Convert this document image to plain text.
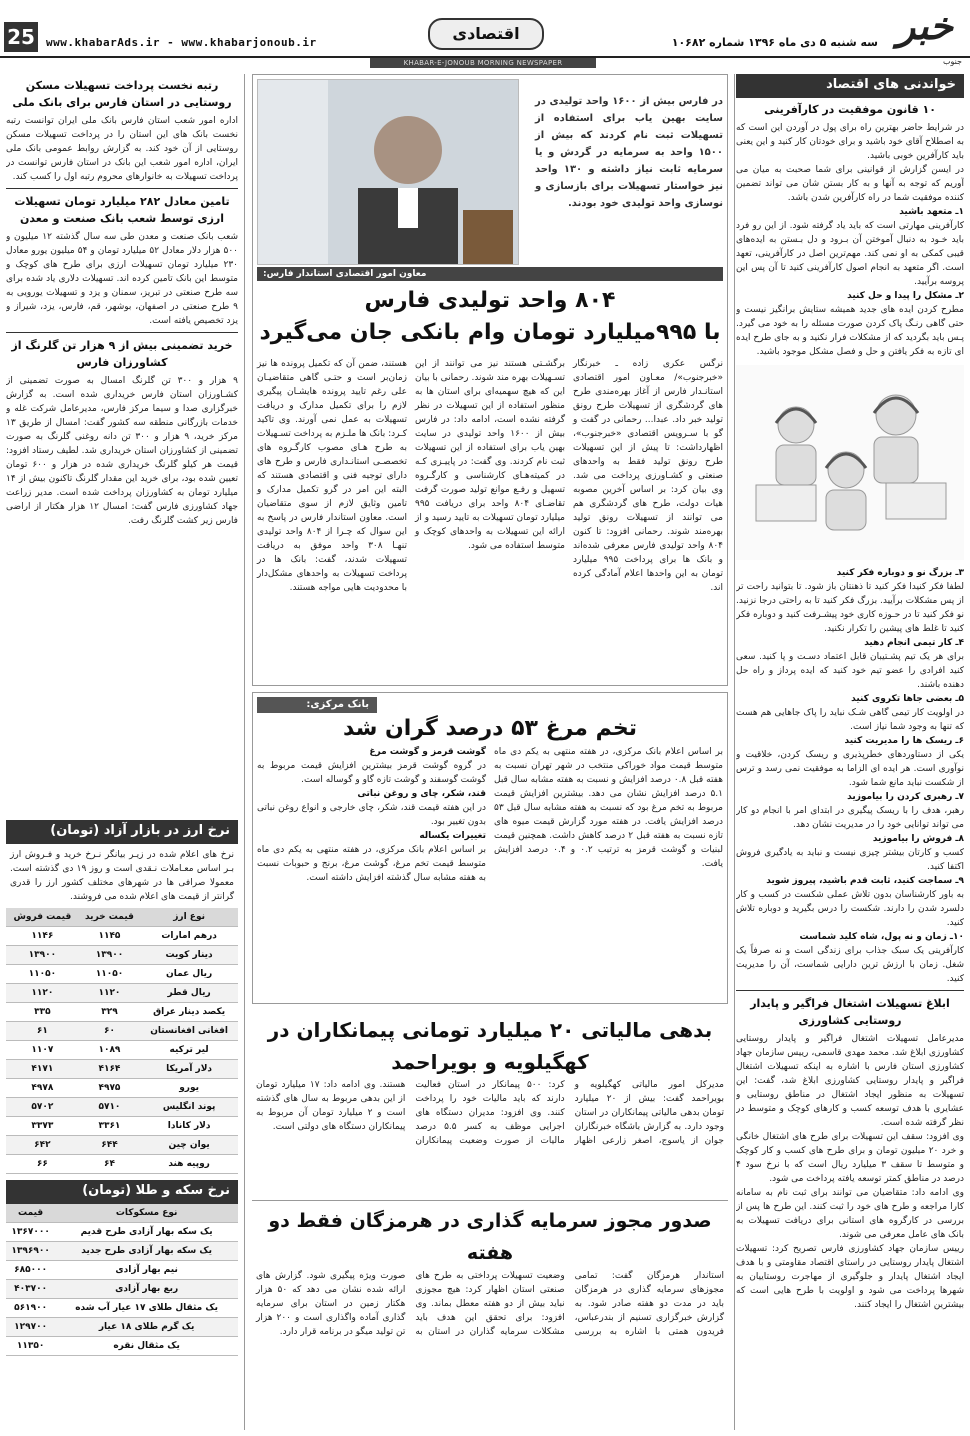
خبر
جنوب
سه شنبه ۵ دی ماه ۱۳۹۶ شماره ۱۰۶۸۲
اقتصادی
www.khabarAds.ir - www.khabarjonoub.ir
25
KHABAR-E-JONOUB MORNING NEWSPAPER
خواندنی های اقتصاد
۱۰ قانون موفقیت در کارآفرینی

در شرایط حاضر بهترین راه برای پول در آوردن این است که به اصطلاح آقای خود باشید و برای خودتان کار کنید و این یعنی باید کارآفرین خوبی باشید.

در ایسن گزارش از قوانینی برای شما صحبت به میان می آوریم که توجه به آنها و به کار بستن شان می تواند تضمین کننده موفقیت شما در راه کارآفرین شدن باشد.

۱ـ متعهد باشید

کارآفرینی مهارتی است که باید یاد گرفته شود. از این رو فرد باید خـود به دنبال آموختن آن بـرود و دل بـستن به ایده‌های قیبی کمکی به او نمی کند. مهم‌ترین اصل در کارآفرینی، تعهد است. اگر متعهد به انجام اصول کارآفرینی کنید تا آن پس این پروسه برآیید.

۲ـ مشکل را پیدا و حل کنید

مطرح کردن ایده های جدید همیشه ستایش برانگیز نیست و حتی گاهی رنـگ پاک کردن صورت مسئله را به خود می گیرد. پـس باید بگردید که از مشکلات فرار نکنید و به جای طرح ایده ای تازه به فکر یافتن و حل و فصل مشکل موجود باشید.

۳ـ بزرگ نو و دوباره فکر کنید

لطفا فکر کنیدا فکر کنید تا ذهنتان باز شود. تا بتوانید راحت تر از پس مشکلات برآیید. بزرگ فکر کنید تا به راحتی درجا نزنید. نو فکر کنید تا در حـوزه کاری خود پیشـرفت کنید و دوباره فکر کنید تا غلط های پیشین را تکرار نکنید.

۴ـ کار تیمی انجام دهید

برای هر یک تیم پشـتیبان قابل اعتماد دسـت و پا کنید. سعی کنید افرادی را عضو تیم خود کنید که ایده پرداز و راه حل دهنده باشند.

۵ـ بعضی جاها تکروی کنید

در اولویت کار تیمی گاهی شـک نباید را پاک جاهایی هم هست که تنها به وجود شما نیاز است.

۶ـ ریسک ها را مدیریت کنید

یکی از دستاوردهای خطرپذیری و ریسک کردن، خلاقیت و نوآوری است. هر ایده ای الزاما به موفقیت نمی رسد و ترس از شکست نباید مانع شما شود.

۷ـ رهبری کردن را بیاموزید

رهبر، هدف را با ریسک پیگیری در ابتدای امر با انجام دو کار می تواند توانایی خود را در مدیریت نشان دهد.

۸ـ فروش را بیاموزید

کسب و کارتان بیشتر چیزی نیست و نباید به یادگیری فروش اکتفا کنید.

۹ـ سماجت کنید، ثابت قدم باشید، پیروز شوید

به باور کارشناسان بدون تلاش عملی شکست در کسب و کار دلسرد شدن را دارند. شکست را درس بگیرید و دوباره تلاش کنید.

۱۰ـ زمان و نه پول، شاه کلید شماست

کارآفرینی یک سبک جذاب برای زندگی است و نه صرفاً یک شغل. زمان با ارزش ترین دارایی شماست، آن را مدیریت کنید.

ابلاغ تسهیلات اشتغال فراگیر و پایدار روستایی کشاورزی

مدیرعامل تسهیلات اشتغال فراگیر و پایدار روستایی کشاورزی ابلاغ شد. محمد مهدی قاسمی، رییس سازمان جهاد کشاورزی استان فارس با اشاره به اینکه تسهیلات اشتغال فراگیر و پایدار روستایی کشاورزی ابلاغ شد، گفت: این تسهیلات به منظور ایجاد اشتغال در مناطق روستایی و عشایری با هدف توسعه کسب و کارهای کوچک و متوسط در نظر گرفته شده است.

وی افزود: سقف این تسهیلات برای طرح های اشتغال خانگی و خرد ۲۰ میلیون تومان و برای طرح های کسب و کار کوچک و متوسط تا سقف ۳ میلیارد ریال است که با نرخ سود ۴ درصد در مناطق کمتر توسعه یافته پرداخت می شود.

وی ادامه داد: متقاضیان می توانند برای ثبت نام به سامانه کارا مراجعه و طرح های خود را ثبت کنند. این طرح ها پس از بررسی در کارگروه های استانی برای دریافت تسهیلات به بانک های عامل معرفی می شوند.

رییس سازمان جهاد کشاورزی فارس تصریح کرد: تسهیلات اشتغال پایدار روستایی در راستای اقتصاد مقاومتی و با هدف ایجاد اشتغال پایدار و جلوگیری از مهاجرت روستاییان به شهرها پرداخت می شود و اولویت با طرح هایی است که بیشترین اشتغال را ایجاد کنند.

در فارس بیش از ۱۶۰۰ واحد تولیدی در سایت بهین یاب برای استفاده از تسهیلات ثبت نام کردند که بیش از ۱۵۰۰ واحد به سرمایه در گردش و یا سرمایه ثابت نیاز داشته و ۱۳۰ واحد نیز خواستار تسهیلات برای بازسازی و نوسازی واحد تولیدی خود بودند.

معاون امور اقتصادی استاندار فارس:
۸۰۴ واحد تولیدی فارس
با ۹۹۵میلیارد تومان وام بانکی جان می‌گیرد

نرگس عکری زاده ـ خبرنگار «خبرجنوب»/ معـاون امور اقتصادی استانـدار فارس از آغاز بهره‌مندی طرح های گردشگری از تسهیلات طرح رونق تولید خبر داد. عبدا... رحمانی در گفت و گو با سـرویس اقتصادی «خبرجنوب»، اظهارداشت: تا پیش از این تسهیلات طرح رونق تولید فقط به واحدهای صنعتی و کشـاورزی پرداخت می شد. وی بیان کرد: بر اساس آخرین مصوبه هیات دولت، طرح های گردشگری هم می توانند از تسهیلات رونق تولید بهره‌مند شوند. رحمانی افزود: تا کنون ۸۰۴ واحد تولیدی فارس معرفی شده‌اند و بانک ها برای پرداخت ۹۹۵ میلیارد تومان به این واحدها اعلام آمادگی کرده اند.

برگشـتی هستند نیز می توانند از این تسـهیلات بهره مند شوند. رحمانی با بیان این که هیچ سهمیه‌ای برای استان ها به منظور استفاده از این تسهیلات در نظر گرفته نشده است، ادامه داد: در فارس بیش از ۱۶۰۰ واحد تولیدی در سایت بهین یاب برای استفاده از این تسهیلات ثبت نام کردند. وی گفت: در پاییـزی کـه در کمیته‌هـای کارشناسی و کارگـروه تسهیل و رفـع موانع تولید صورت گرفت تقاضـای ۸۰۴ واحد برای دریافت ۹۹۵ میلیارد تومان تسهیلات به تایید رسید و از ارائه این تسهیلات به واحدهای کوچک و متوسط استفاده می شود.

هستند، ضمن آن که تکمیل پرونده ها نیز زمان‌بر است و حتـی گاهی متقاضیـان علی رغم تایید پرونده هایشـان پیگیری لازم را برای تکمیل مدارک و دریافت تسهیلات به عمل نمی آورند. وی تاکید کـرد: بانک ها ملـزم به پرداخت تسـهیلات به طرح هـای مصوب کارگـروه های تخصصـی استانـداری فارس و طرح های دارای توجیه فنی و اقتصادی هستند که البته این امر در گرو تکمیل مدارک و تامین وثایق لازم از سوی متقاضیان است. معاون استاندار فارس در پاسخ به این سوال که چـرا از ۸۰۴ واحد تولیدی تنهـا ۳۰۸ واحد موفق به دریافت تسهیلات شدند، گفت: بانک ها در پرداخت تسهیلات به واحدهای مشکل‌دار با محدودیت هایی مواجه هستند.

بانک مرکزی:
تخم مرغ ۵۳ درصد گران شد

بر اساس اعلام بانک مرکزی، در هفته منتهی به یکم دی ماه متوسط قیمت مواد خوراکی منتخب در شهر تهران نسبت به هفته قبل ۰.۸ درصد افزایش و نسبت به هفته مشابه سال قبل ۵.۱ درصد افزایش نشان می دهد. بیشترین افزایش قیمت مربوط به تخم مرغ بود که نسبت به هفته مشابه سال قبل ۵۳ درصد افزایش یافت. در هفته مورد گزارش قیمت میوه های تازه نسبت به هفته قبل ۲ درصد کاهش داشت. همچنین قیمت لبنیات و گوشت قرمز به ترتیب ۰.۲ و ۰.۴ درصد افزایش یافت.

گوشت قرمز و گوشت مرغ

در گروه گوشت قرمز بیشترین افزایش قیمت مربوط به گوشت گوسفند و گوشت تازه گاو و گوساله است.

قند، شکر، چای و روغن نباتی

در این هفته قیمت قند، شکر، چای خارجی و انواع روغن نباتی بدون تغییر بود.

تغییرات یکساله

بر اساس اعلام بانک مرکزی، در هفته منتهی به یکم دی ماه متوسط قیمت تخم مرغ، گوشت مرغ، برنج و حبوبات نسبت به هفته مشابه سال گذشته افزایش داشته است.

بدهی مالیاتی ۲۰ میلیارد تومانی پیمانکاران در کهگیلویه و بویراحمد

مدیرکل امور مالیاتی کهگیلویه و بویراحمد گفت: بیش از ۲۰ میلیارد تومان بدهی مالیاتی پیمانکاران در استان وجود دارد. به گزارش باشگاه خبرنگاران جوان از یاسوج، اصغر زارعی اظهار کرد: ۵۰۰ پیمانکار در استان فعالیت دارند که باید مالیات خود را پرداخت کنند. وی افزود: مدیران دستگاه های اجرایی موظف به کسر ۵.۵ درصد مالیات از صورت وضعیت پیمانکاران هستند. وی ادامه داد: ۱۷ میلیارد تومان از این بدهی مربوط به سال های گذشته است و ۲ میلیارد تومان آن مربوط به پیمانکاران دستگاه های دولتی است.

صدور مجوز سرمایه گذاری در هرمزگان فقط دو هفته

استاندار هرمزگان گفت: تمامی مجوزهای سرمایه گذاری در هرمزگان باید در مدت دو هفته صادر شود. به گزارش خبرگزاری تسنیم از بندرعباس، فریدون همتی با اشاره به بررسی وضعیت تسهیلات پرداختی به طرح های صنعتی استان اظهار کرد: هیچ مجوزی نباید بیش از دو هفته معطل بماند. وی افزود: برای تحقق این هدف باید مشکلات سرمایه گذاران در استان به صورت ویژه پیگیری شود. گزارش های ارائه شده نشان می دهد که ۵۰ هزار هکتار زمین در استان برای سرمایه گذاری آماده واگذاری است و ۲۰۰ هزار تن تولید میگو در برنامه قرار دارد.

رتبه نخست پرداخت تسهیلات مسکن روستایی در استان فارس برای بانک ملی

اداره امور شعب استان فارس بانک ملی ایران توانست رتبه نخست بانک های این استان را در پرداخت تسهیلات مسکن روستایی از آن خود کند. به گزارش روابط عمومی بانک ملی ایران، اداره امور شعب این بانک در استان فارس توانست در پرداخت تسهیلات به خانوارهای محروم رتبه اول را کسب کند.

تامین معادل ۲۸۲ میلیارد تومان تسهیلات ارزی توسط شعب بانک صنعت و معدن

شعب بانک صنعت و معدن طی سه سال گذشته ۱۲ میلیون و ۵۰۰ هزار دلار معادل ۵۲ میلیارد تومان و ۵۴ میلیون یورو معادل ۲۳۰ میلیارد تومان تسهیلات ارزی برای طرح های کوچک و متوسط این بانک تامین کرده اند. تسهیلات دلاری یاد شده برای سه طرح صنعتی در تبریز، سمنان و یزد و تسهیلات یورویی به ۹ طرح صنعتی در اصفهان، بوشهر، قم، فارس، یزد، شیراز و یزد تخصیص یافته است.

خرید تضمینی بیش از ۹ هزار تن گلرنگ از کشاورزان فارس

۹ هزار و ۳۰۰ تن گلرنگ امسال به صورت تضمینی از کشـاورزان استان فارس خریداری شده است. به گزارش خبرگزاری صدا و سیما مرکز فارس، مدیرعامل شرکت غله و خدمات بازرگانی منطقه سه کشور گفت: امسال از طریق ۱۳ مرکز خرید، ۹ هزار و ۳۰۰ تن دانه روغنی گلرنگ به صورت تضمینی از کشاورزان استان خریداری شد. لطیف رستاد افزود: قیمت هر کیلو گلرنگ خریداری شده در هزار و ۶۰۰ تومان تعیین شده بود، برای خرید این مقدار گلرنگ تاکنون بیش از ۱۴ میلیارد تومان به کشاورزان پرداخت شده است. مدیر زراعت جهاد کشاورزی فارس گفت: امسال ۱۲ هزار هکتار از اراضی فارس زیر کشت گلرنگ رفت.

نرخ ارز در بازار آزاد (تومان)

نرخ های اعلام شده در زیـر بیانگر نـرخ خرید و فـروش ارز بـر اساس معـاملات نـقدی است و روز ۱۹ دی گذشته است. معمولا صرافی ها در شهرهای مختلف کشور ارز را قدری گرانتر از قیمت های اعلام شده می فروشند.

نوع ارز	قیمت خرید	قیمت فروش
درهم امارات	۱۱۴۵	۱۱۴۶
دینار کویت	۱۳۹۰۰	۱۳۹۰۰
ریال عمان	۱۱۰۵۰	۱۱۰۵۰
ریال قطر	۱۱۲۰	۱۱۲۰
یکصد دینار عراق	۳۲۹	۳۳۵
افغانی افغانستان	۶۰	۶۱
لیر ترکیه	۱۰۸۹	۱۱۰۷
دلار آمریکا	۴۱۶۴	۴۱۷۱
یورو	۴۹۷۵	۴۹۷۸
پوند انگلیس	۵۷۱۰	۵۷۰۲
دلار کانادا	۳۳۶۱	۳۳۷۳
یوان چین	۶۴۴	۶۴۲
روپیه هند	۶۴	۶۶
نرخ سکه و طلا (تومان)
نوع مسکوکات	قیمت
یک سکه بهار آزادی طرح قدیم	۱۳۶۷۰۰۰
یک سکه بهار آزادی طرح جدید	۱۳۹۶۹۰۰
نیم بهار آزادی	۶۸۵۰۰۰
ربع بهار آزادی	۴۰۳۷۰۰
یک مثقال طلای ۱۷ عیار آب شده	۵۶۱۹۰۰
یک گرم طلای ۱۸ عیار	۱۲۹۷۰۰
یک مثقال نقره	۱۱۳۵۰
